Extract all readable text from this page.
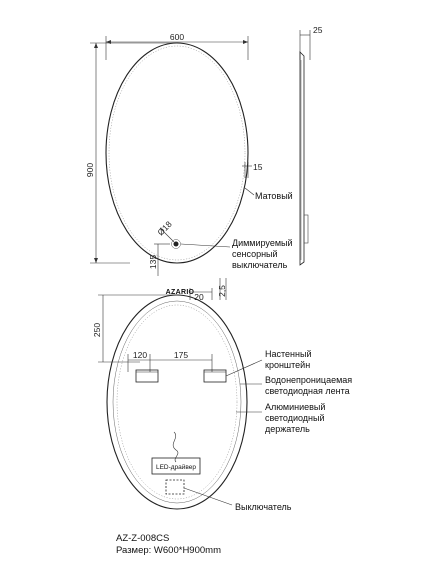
600
900	15
Матовый
Ø18
Диммируемый
сенсорный
выключатель
135
AZARIO 20
2,5
25
250
120	175	Настенный
кронштейн
Водонепроницаемая
светодиодная лента
Алюминиевый
светодиодный
держатель
LED-драйвер
Выключатель
AZ-Z-008CS
Размер: W600*H900mm
